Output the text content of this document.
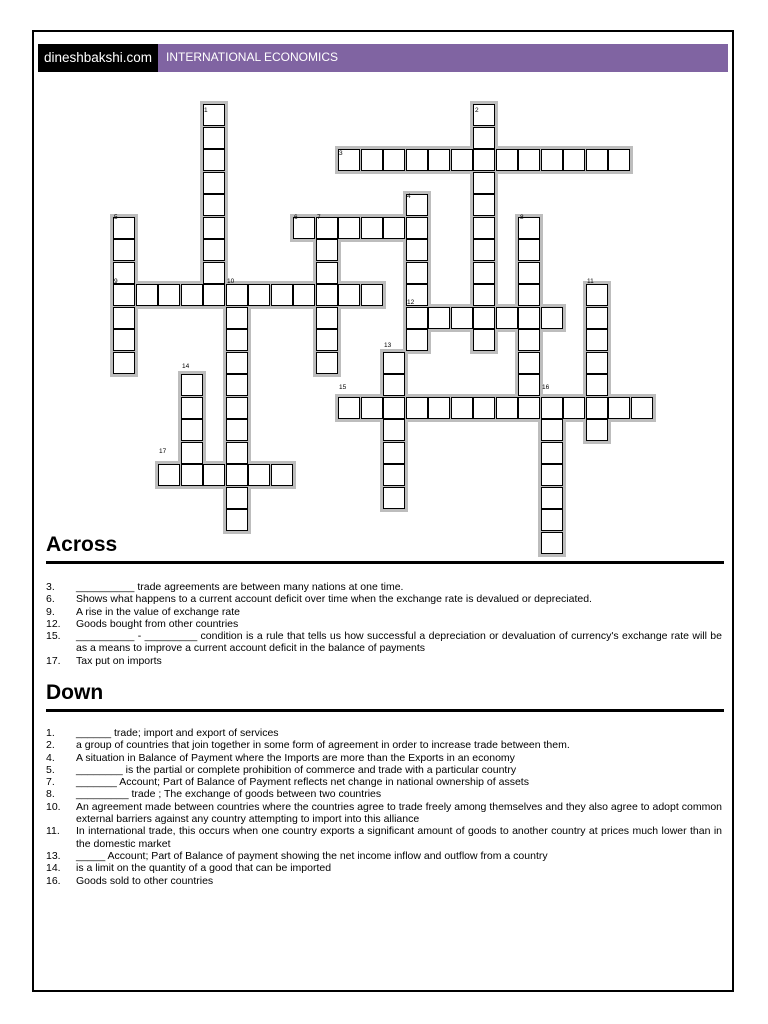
dineshbakshi.com	INTERNATIONAL ECONOMICS
1	2
3
4
5	6	7	8
9	10	11
12
13
14
15	16
17
Across
3. __________ trade agreements are between many nations at one time.
6. Shows what happens to a current account deficit over time when the exchange rate is devalued or depreciated.
9. A rise in the value of exchange rate
12. Goods bought from other countries
15. __________ - _________ condition is a rule that tells us how successful a depreciation or devaluation of currency's exchange rate will be as a means to improve a current account deficit in the balance of payments
17. Tax put on imports
Down
1. ______ trade; import and export of services
2. a group of countries that join together in some form of agreement in order to increase trade between them.
4. A situation in Balance of Payment where the Imports are more than the Exports in an economy
5. ________ is the partial or complete prohibition of commerce and trade with a particular country
7. _______ Account; Part of Balance of Payment reflects net change in national ownership of assets
8. _________ trade ; The exchange of goods between two countries
10. An agreement made between countries where the countries agree to trade freely among themselves and they also agree to adopt common external barriers against any country attempting to import into this alliance
11. In international trade, this occurs when one country exports a significant amount of goods to another country at prices much lower than in the domestic market
13. _____ Account; Part of Balance of payment showing the net income inflow and outflow from a country
14. is a limit on the quantity of a good that can be imported
16. Goods sold to other countries
